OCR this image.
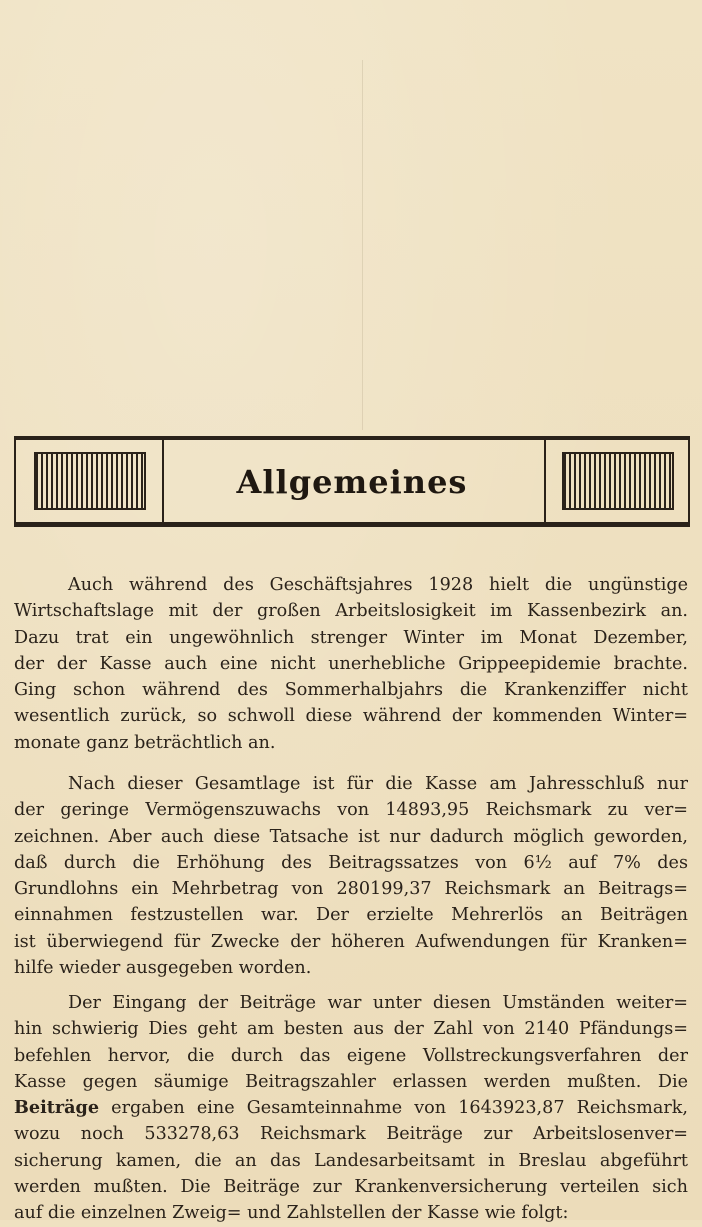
Allgemeines
Auch während des Geschäftsjahres 1928 hielt die ungünstige
Wirtschaftslage mit der großen Arbeitslosigkeit im Kassenbezirk an.
Dazu trat ein ungewöhnlich strenger Winter im Monat Dezember,
der der Kasse auch eine nicht unerhebliche Grippeepidemie brachte.
Ging schon während des Sommerhalbjahrs die Krankenziffer nicht
wesentlich zurück, so schwoll diese während der kommenden Winter=
monate ganz beträchtlich an.
Nach dieser Gesamtlage ist für die Kasse am Jahresschluß nur
der geringe Vermögenszuwachs von 14893,95 Reichsmark zu ver=
zeichnen. Aber auch diese Tatsache ist nur dadurch möglich geworden,
daß durch die Erhöhung des Beitragssatzes von 6½ auf 7% des
Grundlohns ein Mehrbetrag von 280199,37 Reichsmark an Beitrags=
einnahmen festzustellen war. Der erzielte Mehrerlös an Beiträgen
ist überwiegend für Zwecke der höheren Aufwendungen für Kranken=
hilfe wieder ausgegeben worden.
Der Eingang der Beiträge war unter diesen Umständen weiter=
hin schwierig Dies geht am besten aus der Zahl von 2140 Pfändungs=
befehlen hervor, die durch das eigene Vollstreckungsverfahren der
Kasse gegen säumige Beitragszahler erlassen werden mußten. Die
Beiträge ergaben eine Gesamteinnahme von 1643923,87 Reichsmark,
wozu noch 533278,63 Reichsmark Beiträge zur Arbeitslosenver=
sicherung kamen, die an das Landesarbeitsamt in Breslau abgeführt
werden mußten. Die Beiträge zur Krankenversicherung verteilen sich
auf die einzelnen Zweig= und Zahlstellen der Kasse wie folgt:
